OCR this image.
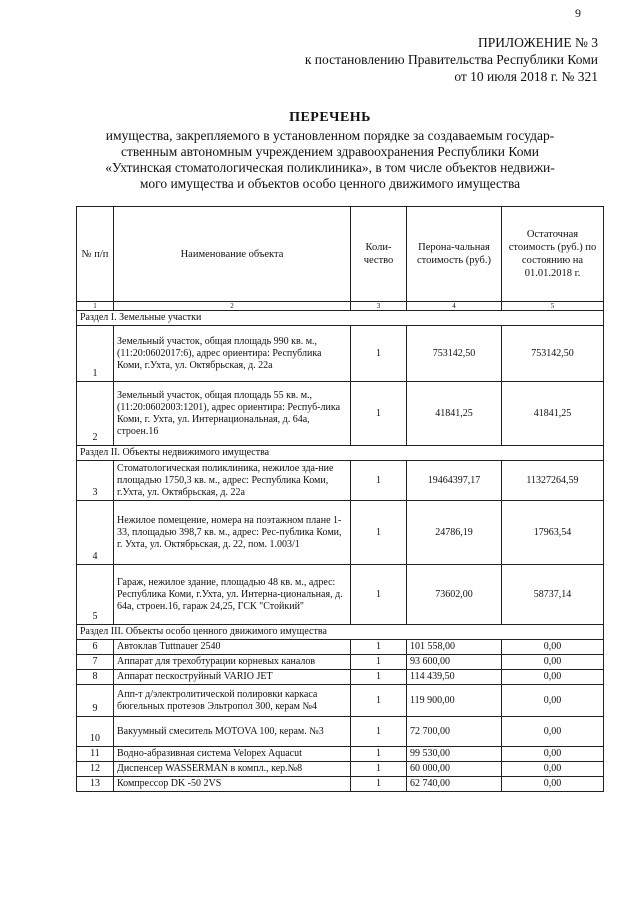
9
ПРИЛОЖЕНИЕ № 3
к постановлению Правительства Республики Коми
от 10 июля 2018 г. № 321
ПЕРЕЧЕНЬ
имущества, закрепляемого в установленном порядке за создаваемым государ-
ственным автономным учреждением здравоохранения Республики Коми
«Ухтинская стоматологическая поликлиника», в том числе объектов недвижи-
мого имущества и объектов особо ценного движимого имущества
№ п/п	Наименование объекта	Коли-чество	Перона-чальная стоимость (руб.)	Остаточная стоимость (руб.) по состоянию на 01.01.2018 г.
1	2	3	4	5
Раздел I. Земельные участки				
1	Земельный участок, общая площадь 990 кв. м., (11:20:0602017:6), адрес ориентира: Республика Коми, г.Ухта, ул. Октябрьская, д. 22а	1	753142,50	753142,50
2	Земельный участок, общая площадь 55 кв. м., (11:20:0602003:1201), адрес ориентира: Респуб-лика Коми, г. Ухта, ул. Интернациональная, д. 64а, строен.16	1	41841,25	41841,25
Раздел II. Объекты недвижимого имущества				
3	Стоматологическая поликлиника, нежилое зда-ние площадью 1750,3 кв. м., адрес: Республика Коми, г.Ухта, ул. Октябрьская, д. 22а	1	19464397,17	11327264,59
4	Нежилое помещение, номера на поэтажном плане 1-33, площадью 398,7 кв. м., адрес: Рес-публика Коми, г. Ухта, ул. Октябрьская, д. 22, пом. 1.003/1	1	24786,19	17963,54
5	Гараж, нежилое здание, площадью 48 кв. м., адрес: Республика Коми, г.Ухта, ул. Интерна-циональная, д. 64а, строен.16, гараж 24,25, ГСК "Стойкий"	1	73602,00	58737,14
Раздел III. Объекты особо ценного движимого имущества				
6	Автоклав Tuttnauer 2540	1	101 558,00	0,00
7	Аппарат для трехобтурации корневых каналов	1	93 600,00	0,00
8	Аппарат пескоструйный VARIO JET	1	114 439,50	0,00
9	Апп-т д/электролитической полировки каркаса бюгельных протезов Эльтропол 300, керам №4	1	119 900,00	0,00
10	Вакуумный смеситель MOTOVA 100, керам. №3	1	72 700,00	0,00
11	Водно-абразивная система Velopex Aquacut	1	99 530,00	0,00
12	Диспенсер WASSERMAN в компл., кер.№8	1	60 000,00	0,00
13	Компрессор DK -50 2VS	1	62 740,00	0,00
